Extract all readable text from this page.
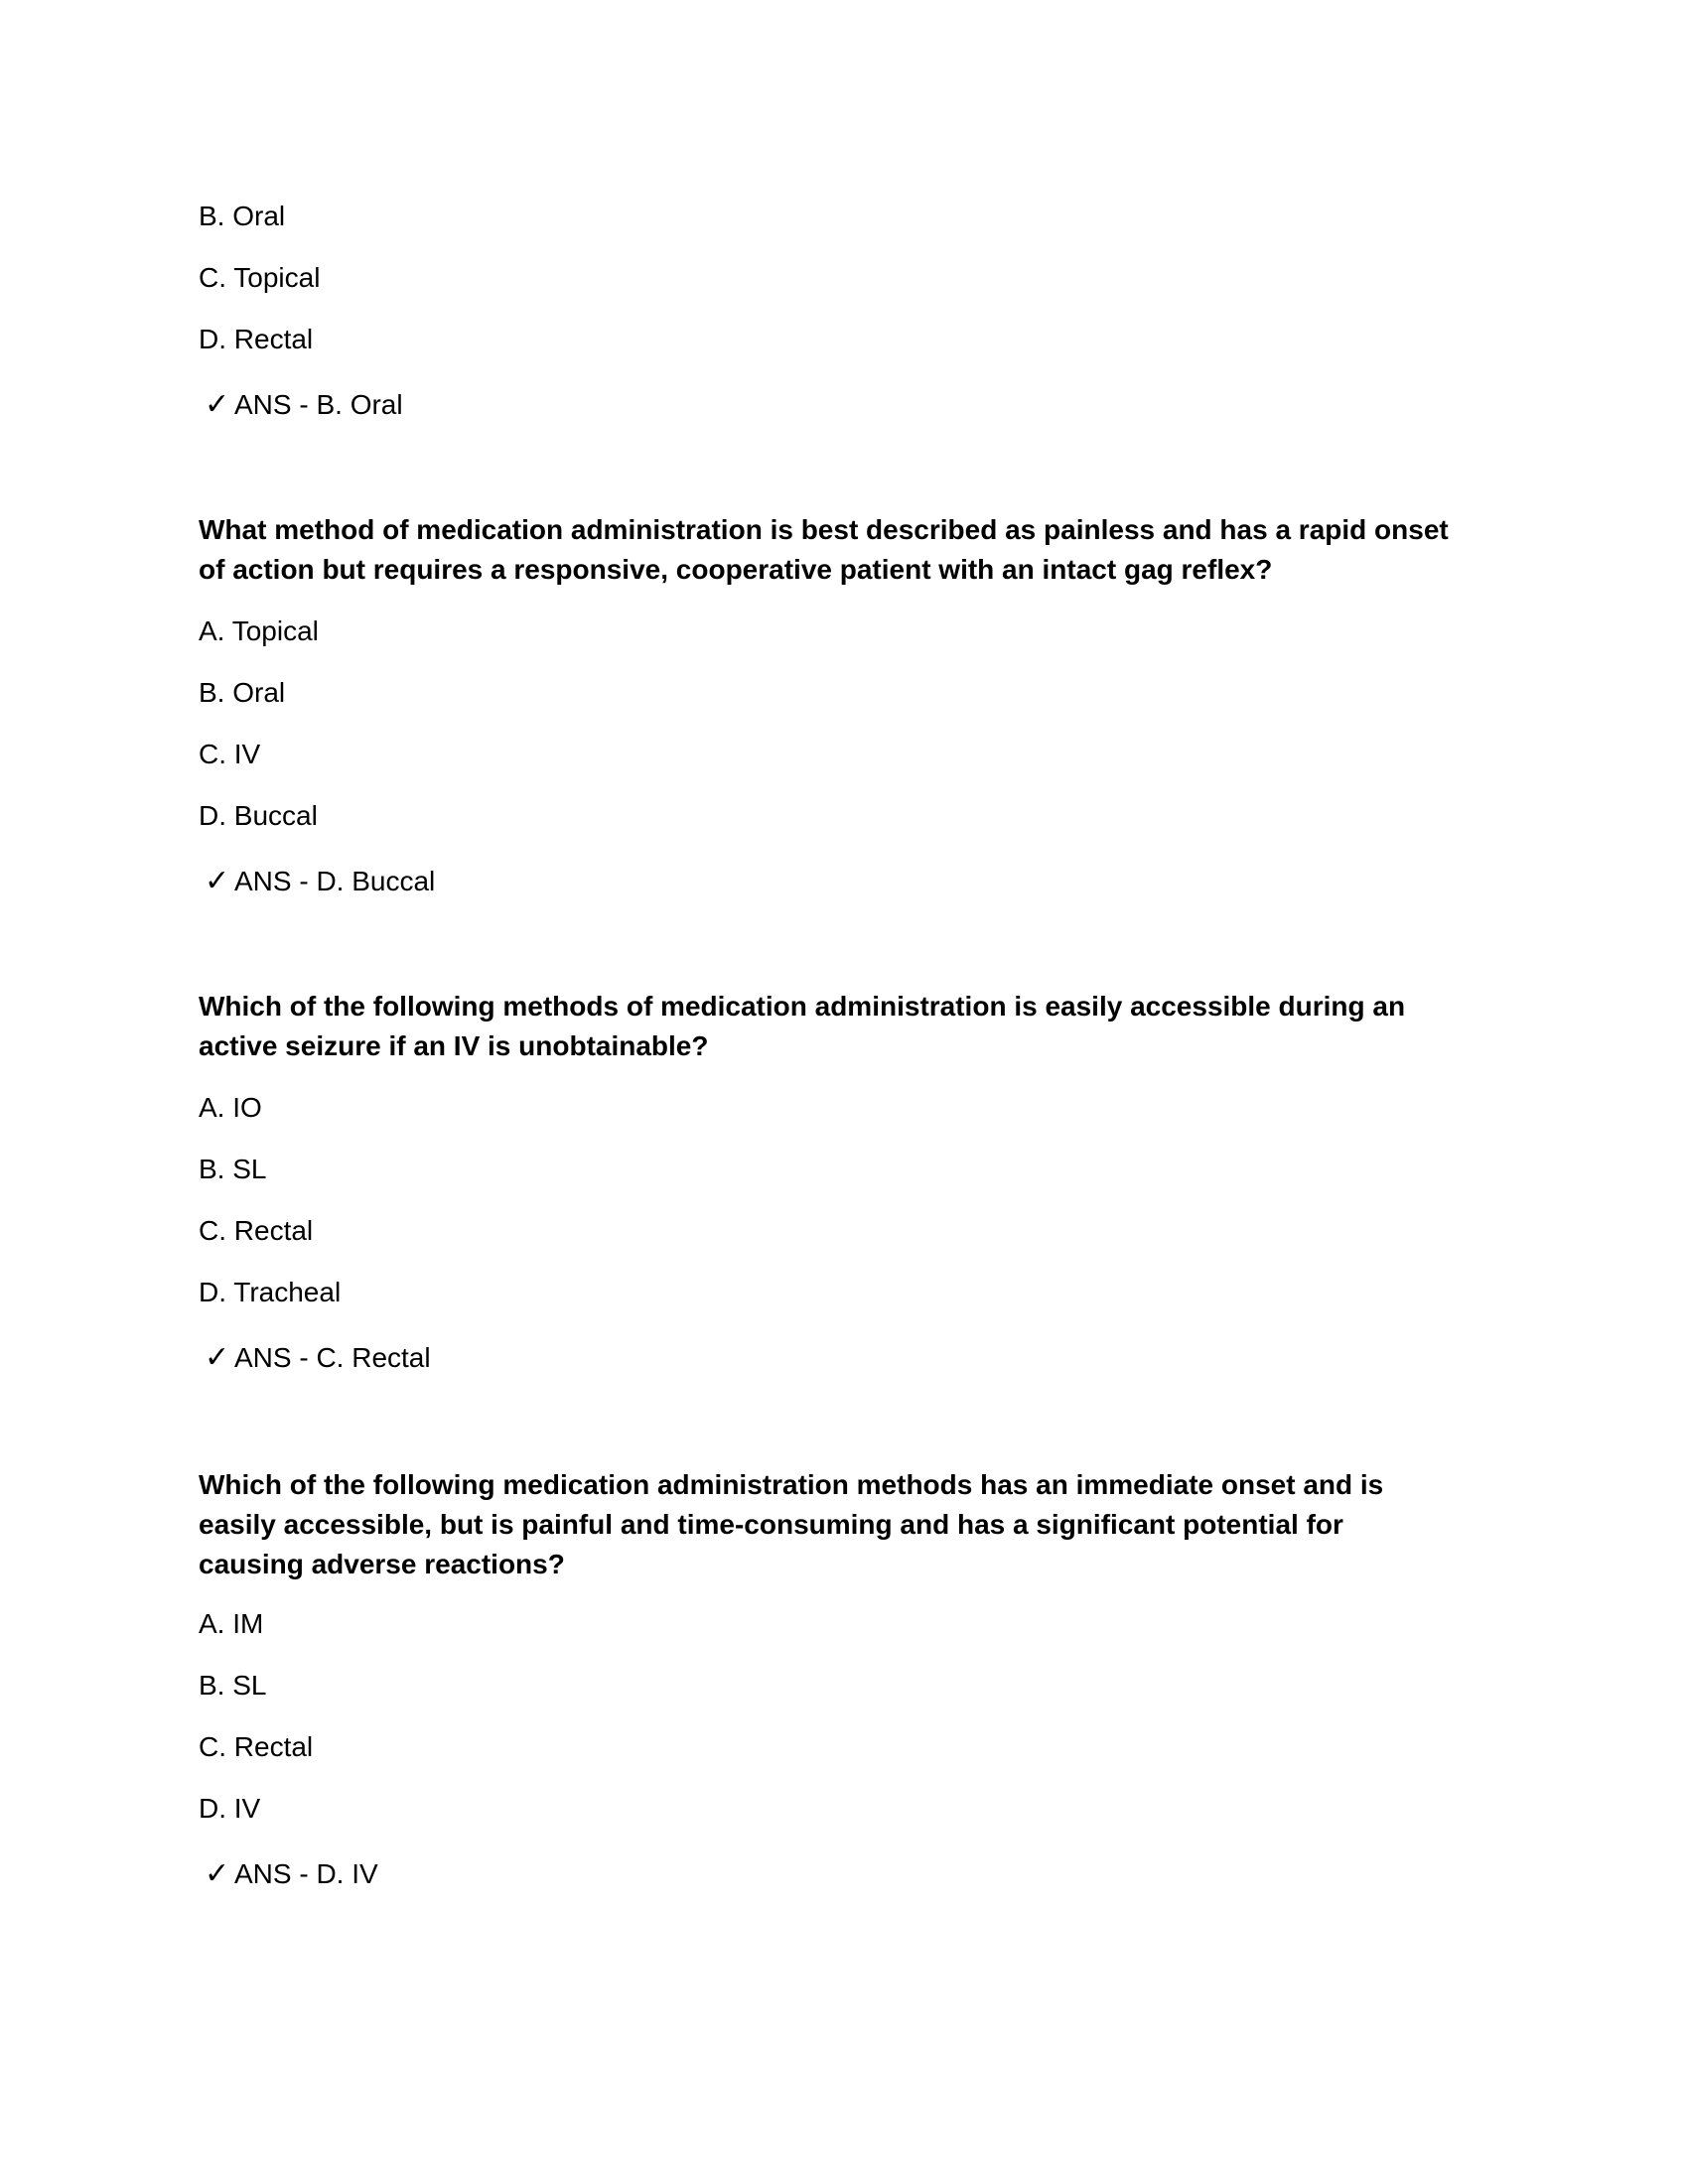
B. Oral
C. Topical
D. Rectal
✓ ANS - B. Oral
What method of medication administration is best described as painless and has a rapid onset of action but requires a responsive, cooperative patient with an intact gag reflex?
A. Topical
B. Oral
C. IV
D. Buccal
✓ ANS - D. Buccal
Which of the following methods of medication administration is easily accessible during an active seizure if an IV is unobtainable?
A. IO
B. SL
C. Rectal
D. Tracheal
✓ ANS - C. Rectal
Which of the following medication administration methods has an immediate onset and is easily accessible, but is painful and time-consuming and has a significant potential for causing adverse reactions?
A. IM
B. SL
C. Rectal
D. IV
✓ ANS - D. IV
